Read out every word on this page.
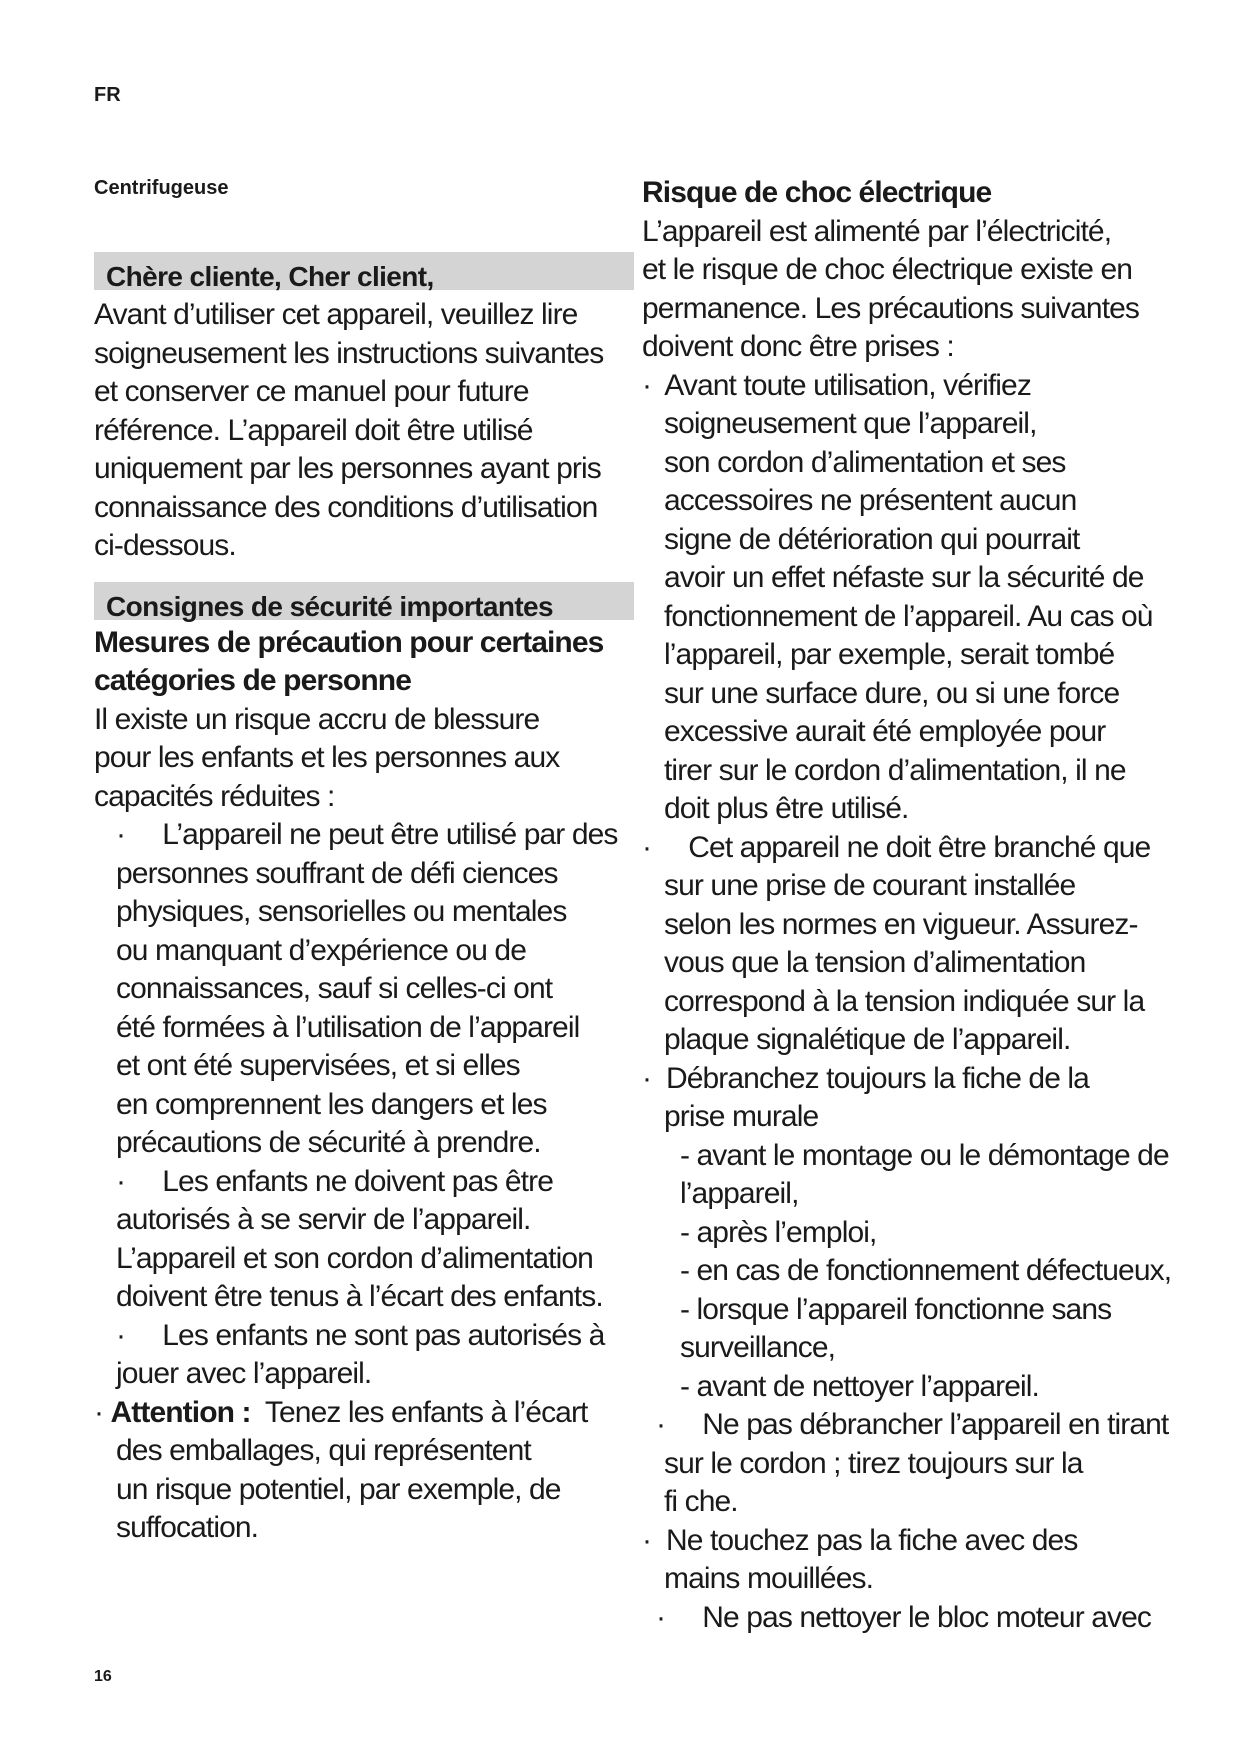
FR
Centrifugeuse
16
Chère cliente, Cher client,
Avant d’utiliser cet appareil, veuillez lire
soigneusement les instructions suivantes
et conserver ce manuel pour future
référence. L’appareil doit être utilisé
uniquement par les personnes ayant pris
connaissance des conditions d’utilisation
ci-dessous.
Consignes de sécurité importantes
Mesures de précaution pour certaines
catégories de personne
Il existe un risque accru de blessure
pour les enfants et les personnes aux
capacités réduites :
·     L’appareil ne peut être utilisé par des
personnes souffrant de défi ciences
physiques, sensorielles ou mentales
ou manquant d’expérience ou de
connaissances, sauf si celles-ci ont
été formées à l’utilisation de l’appareil
et ont été supervisées, et si elles
en comprennent les dangers et les
précautions de sécurité à prendre.
·     Les enfants ne doivent pas être
autorisés à se servir de l’appareil.
L’appareil et son cordon d’alimentation
doivent être tenus à l’écart des enfants.
·     Les enfants ne sont pas autorisés à
jouer avec l’appareil.
· Attention :  Tenez les enfants à l’écart
des emballages, qui représentent
un risque potentiel, par exemple, de
suffocation.
Risque de choc électrique
L’appareil est alimenté par l’électricité,
et le risque de choc électrique existe en
permanence. Les précautions suivantes
doivent donc être prises :
·  Avant toute utilisation, vérifiez
soigneusement que l’appareil,
son cordon d’alimentation et ses
accessoires ne présentent aucun
signe de détérioration qui pourrait
avoir un effet néfaste sur la sécurité de
fonctionnement de l’appareil. Au cas où
l’appareil, par exemple, serait tombé
sur une surface dure, ou si une force
excessive aurait été employée pour
tirer sur le cordon d’alimentation, il ne
doit plus être utilisé.
·     Cet appareil ne doit être branché que
sur une prise de courant installée
selon les normes en vigueur. Assurez-
vous que la tension d’alimentation
correspond à la tension indiquée sur la
plaque signalétique de l’appareil.
·  Débranchez toujours la fiche de la
prise murale
- avant le montage ou le démontage de
l’appareil,
- après l’emploi,
- en cas de fonctionnement défectueux,
- lorsque l’appareil fonctionne sans
surveillance,
- avant de nettoyer l’appareil.
·     Ne pas débrancher l’appareil en tirant
sur le cordon ; tirez toujours sur la
fi che.
·  Ne touchez pas la fiche avec des
mains mouillées.
·     Ne pas nettoyer le bloc moteur avec
